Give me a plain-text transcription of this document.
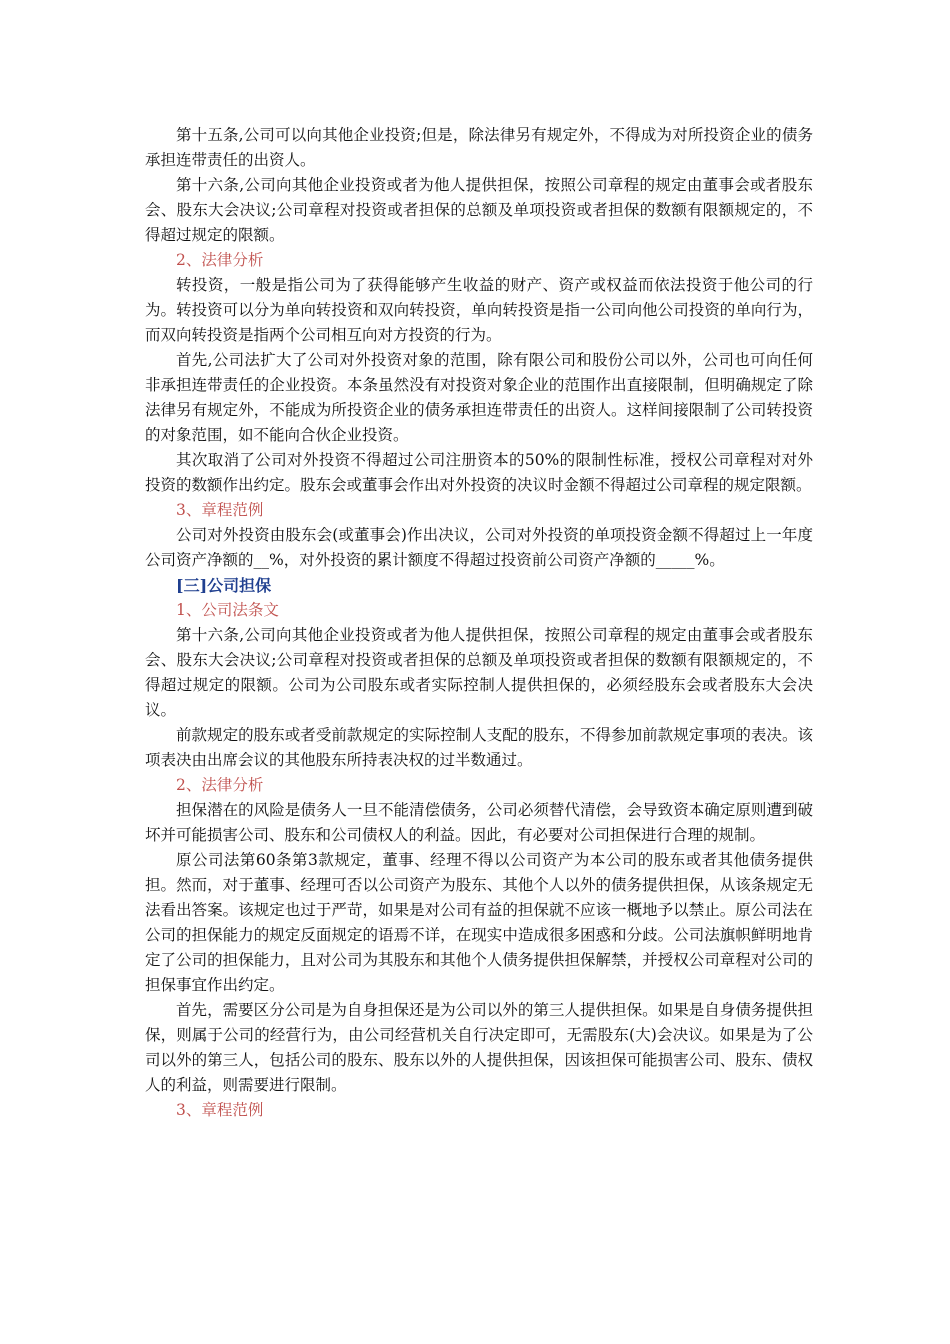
第十五条,公司可以向其他企业投资;但是，除法律另有规定外，不得成为对所投资企业的债务承担连带责任的出资人。

第十六条,公司向其他企业投资或者为他人提供担保，按照公司章程的规定由董事会或者股东会、股东大会决议;公司章程对投资或者担保的总额及单项投资或者担保的数额有限额规定的，不得超过规定的限额。

2、法律分析

转投资，一般是指公司为了获得能够产生收益的财产、资产或权益而依法投资于他公司的行为。转投资可以分为单向转投资和双向转投资，单向转投资是指一公司向他公司投资的单向行为，而双向转投资是指两个公司相互向对方投资的行为。

首先,公司法扩大了公司对外投资对象的范围，除有限公司和股份公司以外，公司也可向任何非承担连带责任的企业投资。本条虽然没有对投资对象企业的范围作出直接限制，但明确规定了除法律另有规定外，不能成为所投资企业的债务承担连带责任的出资人。这样间接限制了公司转投资的对象范围，如不能向合伙企业投资。

其次取消了公司对外投资不得超过公司注册资本的50%的限制性标准，授权公司章程对对外投资的数额作出约定。股东会或董事会作出对外投资的决议时金额不得超过公司章程的规定限额。

3、章程范例

公司对外投资由股东会(或董事会)作出决议，公司对外投资的单项投资金额不得超过上一年度公司资产净额的__%，对外投资的累计额度不得超过投资前公司资产净额的_____%。

[三]公司担保

1、公司法条文

第十六条,公司向其他企业投资或者为他人提供担保，按照公司章程的规定由董事会或者股东会、股东大会决议;公司章程对投资或者担保的总额及单项投资或者担保的数额有限额规定的，不得超过规定的限额。公司为公司股东或者实际控制人提供担保的，必须经股东会或者股东大会决议。

前款规定的股东或者受前款规定的实际控制人支配的股东，不得参加前款规定事项的表决。该项表决由出席会议的其他股东所持表决权的过半数通过。

2、法律分析

担保潜在的风险是债务人一旦不能清偿债务，公司必须替代清偿，会导致资本确定原则遭到破坏并可能损害公司、股东和公司债权人的利益。因此，有必要对公司担保进行合理的规制。

原公司法第60条第3款规定，董事、经理不得以公司资产为本公司的股东或者其他债务提供担。然而，对于董事、经理可否以公司资产为股东、其他个人以外的债务提供担保，从该条规定无法看出答案。该规定也过于严苛，如果是对公司有益的担保就不应该一概地予以禁止。原公司法在公司的担保能力的规定反面规定的语焉不详，在现实中造成很多困惑和分歧。公司法旗帜鲜明地肯定了公司的担保能力，且对公司为其股东和其他个人债务提供担保解禁，并授权公司章程对公司的担保事宜作出约定。

首先，需要区分公司是为自身担保还是为公司以外的第三人提供担保。如果是自身债务提供担保，则属于公司的经营行为，由公司经营机关自行决定即可，无需股东(大)会决议。如果是为了公司以外的第三人，包括公司的股东、股东以外的人提供担保，因该担保可能损害公司、股东、债权人的利益，则需要进行限制。

3、章程范例
